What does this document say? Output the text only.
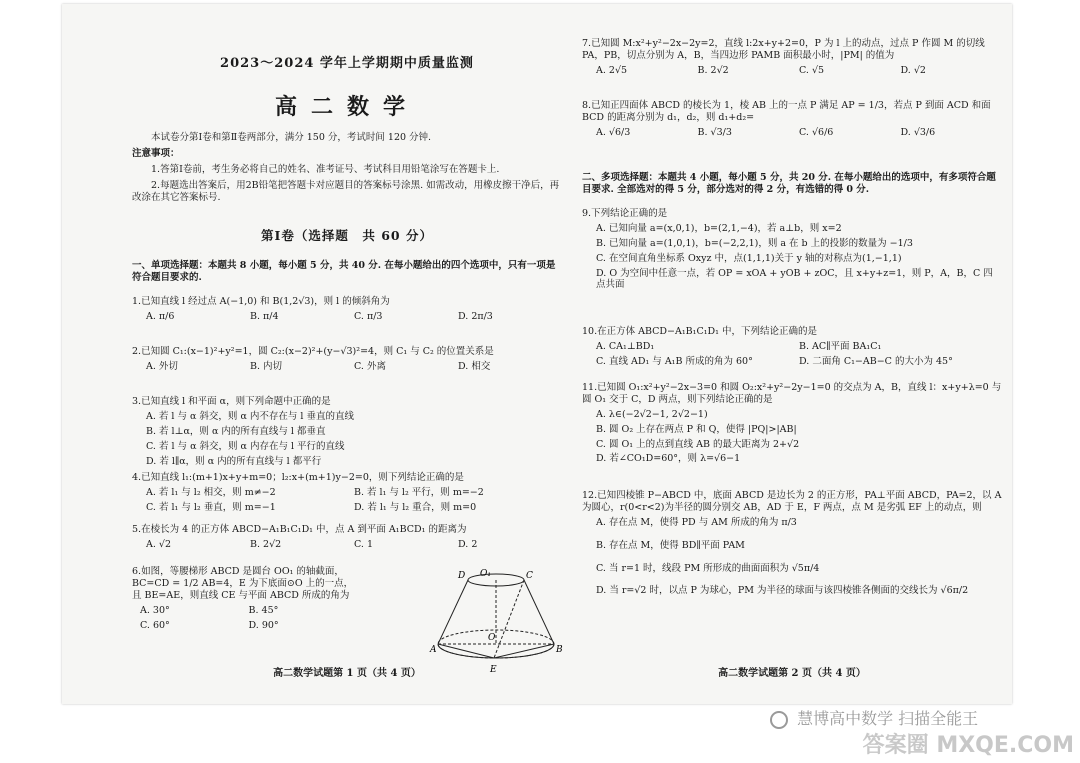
2023～2024 学年上学期期中质量监测
高二数学

本试卷分第Ⅰ卷和第Ⅱ卷两部分，满分 150 分，考试时间 120 分钟.

注意事项：

1.答第Ⅰ卷前，考生务必将自己的姓名、准考证号、考试科目用铅笔涂写在答题卡上.

2.每题选出答案后，用2B铅笔把答题卡对应题目的答案标号涂黑. 如需改动，用橡皮擦干净后，再改涂在其它答案标号.

第Ⅰ卷（选择题　共 60 分）
一、单项选择题：本题共 8 小题，每小题 5 分，共 40 分. 在每小题给出的四个选项中，只有一项是符合题目要求的.

1.已知直线 l 经过点 A(−1,0) 和 B(1,2√3)，则 l 的倾斜角为

A. π/6	B. π/4	C. π/3	D. 2π/3

2.已知圆 C₁:(x−1)²+y²=1，圆 C₂:(x−2)²+(y−√3)²=4，则 C₁ 与 C₂ 的位置关系是

A. 外切	B. 内切	C. 外离	D. 相交

3.已知直线 l 和平面 α，则下列命题中正确的是

A. 若 l 与 α 斜交，则 α 内不存在与 l 垂直的直线
B. 若 l⊥α，则 α 内的所有直线与 l 都垂直
C. 若 l 与 α 斜交，则 α 内存在与 l 平行的直线
D. 若 l∥α，则 α 内的所有直线与 l 都平行

4.已知直线 l₁:(m+1)x+y+m=0；l₂:x+(m+1)y−2=0，则下列结论正确的是

A. 若 l₁ 与 l₂ 相交，则 m≠−2	B. 若 l₁ 与 l₂ 平行，则 m=−2
C. 若 l₁ 与 l₂ 垂直，则 m=−1	D. 若 l₁ 与 l₂ 重合，则 m=0

5.在棱长为 4 的正方体 ABCD−A₁B₁C₁D₁ 中，点 A 到平面 A₁BCD₁ 的距离为

A. √2	B. 2√2	C. 1	D. 2

6.如图，等腰梯形 ABCD 是圆台 OO₁ 的轴截面，BC=CD = 1/2 AB=4，E 为下底面⊙O 上的一点，且 BE=AE，则直线 CE 与平面 ABCD 所成的角为

A. 30°	B. 45°
C. 60°	D. 90°
O₁	C
D
O
A	B
E
高二数学试题第 1 页（共 4 页）

7.已知圆 M:x²+y²−2x−2y=2，直线 l:2x+y+2=0，P 为 l 上的动点，过点 P 作圆 M 的切线 PA，PB，切点分别为 A，B，当四边形 PAMB 面积最小时，|PM| 的值为

A. 2√5	B. 2√2	C. √5	D. √2

8.已知正四面体 ABCD 的棱长为 1，棱 AB 上的一点 P 满足 AP = 1/3，若点 P 到面 ACD 和面 BCD 的距离分别为 d₁，d₂，则 d₁+d₂=

A. √6/3	B. √3/3	C. √6/6	D. √3/6
二、多项选择题：本题共 4 小题，每小题 5 分，共 20 分. 在每小题给出的选项中，有多项符合题目要求. 全部选对的得 5 分，部分选对的得 2 分，有选错的得 0 分.

9.下列结论正确的是

A. 已知向量 a=(x,0,1)，b=(2,1,−4)，若 a⊥b，则 x=2
B. 已知向量 a=(1,0,1)，b=(−2,2,1)，则 a 在 b 上的投影的数量为 −1/3
C. 在空间直角坐标系 Oxyz 中，点(1,1,1)关于 y 轴的对称点为(1,−1,1)
D. O 为空间中任意一点，若 OP = xOA + yOB + zOC，且 x+y+z=1，则 P，A，B，C 四点共面

10.在正方体 ABCD−A₁B₁C₁D₁ 中，下列结论正确的是

A. CA₁⊥BD₁	B. AC∥平面 BA₁C₁
C. 直线 AD₁ 与 A₁B 所成的角为 60°	D. 二面角 C₁−AB−C 的大小为 45°

11.已知圆 O₁:x²+y²−2x−3=0 和圆 O₂:x²+y²−2y−1=0 的交点为 A，B，直线 l：x+y+λ=0 与圆 O₁ 交于 C，D 两点，则下列结论正确的是

A. λ∈(−2√2−1, 2√2−1)
B. 圆 O₂ 上存在两点 P 和 Q，使得 |PQ|>|AB|
C. 圆 O₁ 上的点到直线 AB 的最大距离为 2+√2
D. 若∠CO₁D=60°，则 λ=√6−1

12.已知四棱锥 P−ABCD 中，底面 ABCD 是边长为 2 的正方形，PA⊥平面 ABCD，PA=2，以 A 为圆心，r(0<r<2)为半径的圆分别交 AB，AD 于 E，F 两点，点 M 是劣弧 EF 上的动点，则

A. 存在点 M，使得 PD 与 AM 所成的角为 π/3
B. 存在点 M，使得 BD∥平面 PAM
C. 当 r=1 时，线段 PM 所形成的曲面面积为 √5π/4
D. 当 r=√2 时，以点 P 为球心，PM 为半径的球面与该四棱锥各侧面的交线长为 √6π/2
高二数学试题第 2 页（共 4 页）
慧博高中数学 扫描全能王
答案圈 MXQE.COM
